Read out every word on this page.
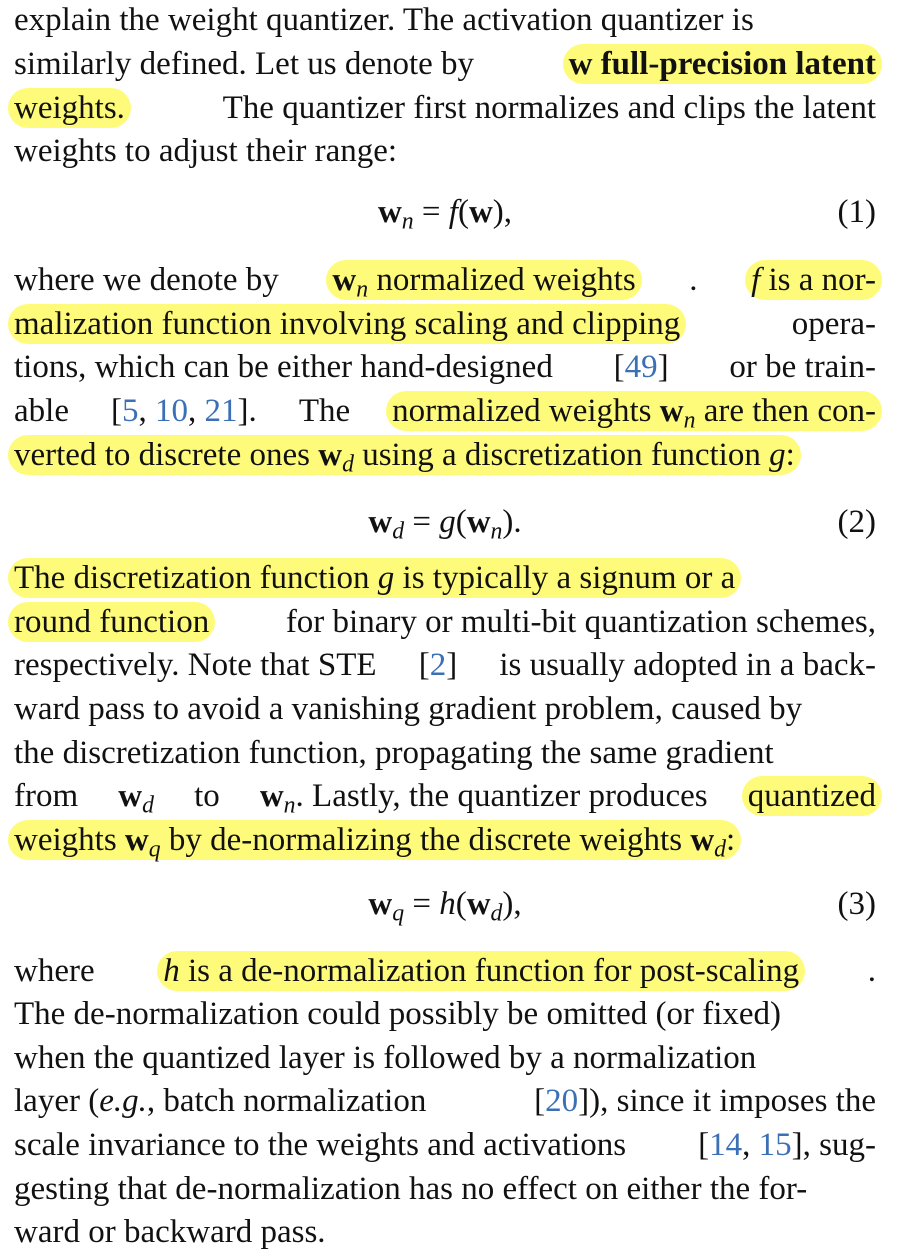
explain the weight quantizer. The activation quantizer is
similarly defined. Let us denote by	w full-precision latent
weights.	The quantizer first normalizes and clips the latent
weights to adjust their range:
$w_n = f(w)$,	(1)
where we denote by $w_n$ normalized weights . f is a nor-
malization function involving scaling and clipping	opera-
tions, which can be either hand-designed [49] or be train-
able [5, 10, 21]. The normalized weights $w_n$ are then con-
verted to discrete ones $w_d$ using a discretization function g:
$w_d = g(w_n)$.	(2)
The discretization function g is typically a signum or a
round function for binary or multi-bit quantization schemes,
respectively. Note that STE [2] is usually adopted in a back-
ward pass to avoid a vanishing gradient problem, caused by
the discretization function, propagating the same gradient
from $w_d$ to $w_n$. Lastly, the quantizer produces quantized
weights $w_q$ by de-normalizing the discrete weights $w_d$:
$w_q = h(w_d)$,	(3)
where h is a de-normalization function for post-scaling .
The de-normalization could possibly be omitted (or fixed)
when the quantized layer is followed by a normalization
layer (e.g., batch normalization	[20]), since it imposes the
scale invariance to the weights and activations [14, 15], sug-
gesting that de-normalization has no effect on either the for-
ward or backward pass.
